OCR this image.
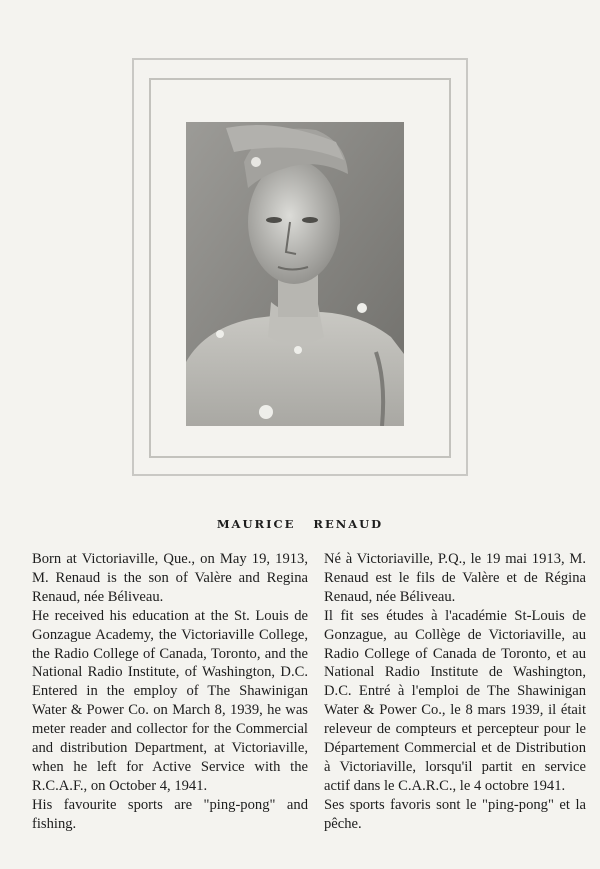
MAURICE RENAUD

Born at Victoriaville, Que., on May 19, 1913, M. Renaud is the son of Valère and Regina Renaud, née Béliveau.

He received his education at the St. Louis de Gonzague Academy, the Victoriaville College, the Radio College of Canada, Toronto, and the National Radio Institute, of Washington, D.C. Entered in the employ of The Shawinigan Water & Power Co. on March 8, 1939, he was meter reader and collector for the Commercial and distribution Department, at Victoriaville, when he left for Active Service with the R.C.A.F., on October 4, 1941.

His favourite sports are "ping-pong" and fishing.

Né à Victoriaville, P.Q., le 19 mai 1913, M. Renaud est le fils de Valère et de Régina Renaud, née Béliveau.

Il fit ses études à l'académie St-Louis de Gonzague, au Collège de Victoriaville, au Radio College of Canada de Toronto, et au National Radio Institute de Washington, D.C. Entré à l'emploi de The Shawinigan Water & Power Co., le 8 mars 1939, il était releveur de compteurs et percepteur pour le Département Commercial et de Distribution à Victoriaville, lorsqu'il partit en service actif dans le C.A.R.C., le 4 octobre 1941.

Ses sports favoris sont le "ping-pong" et la pêche.
